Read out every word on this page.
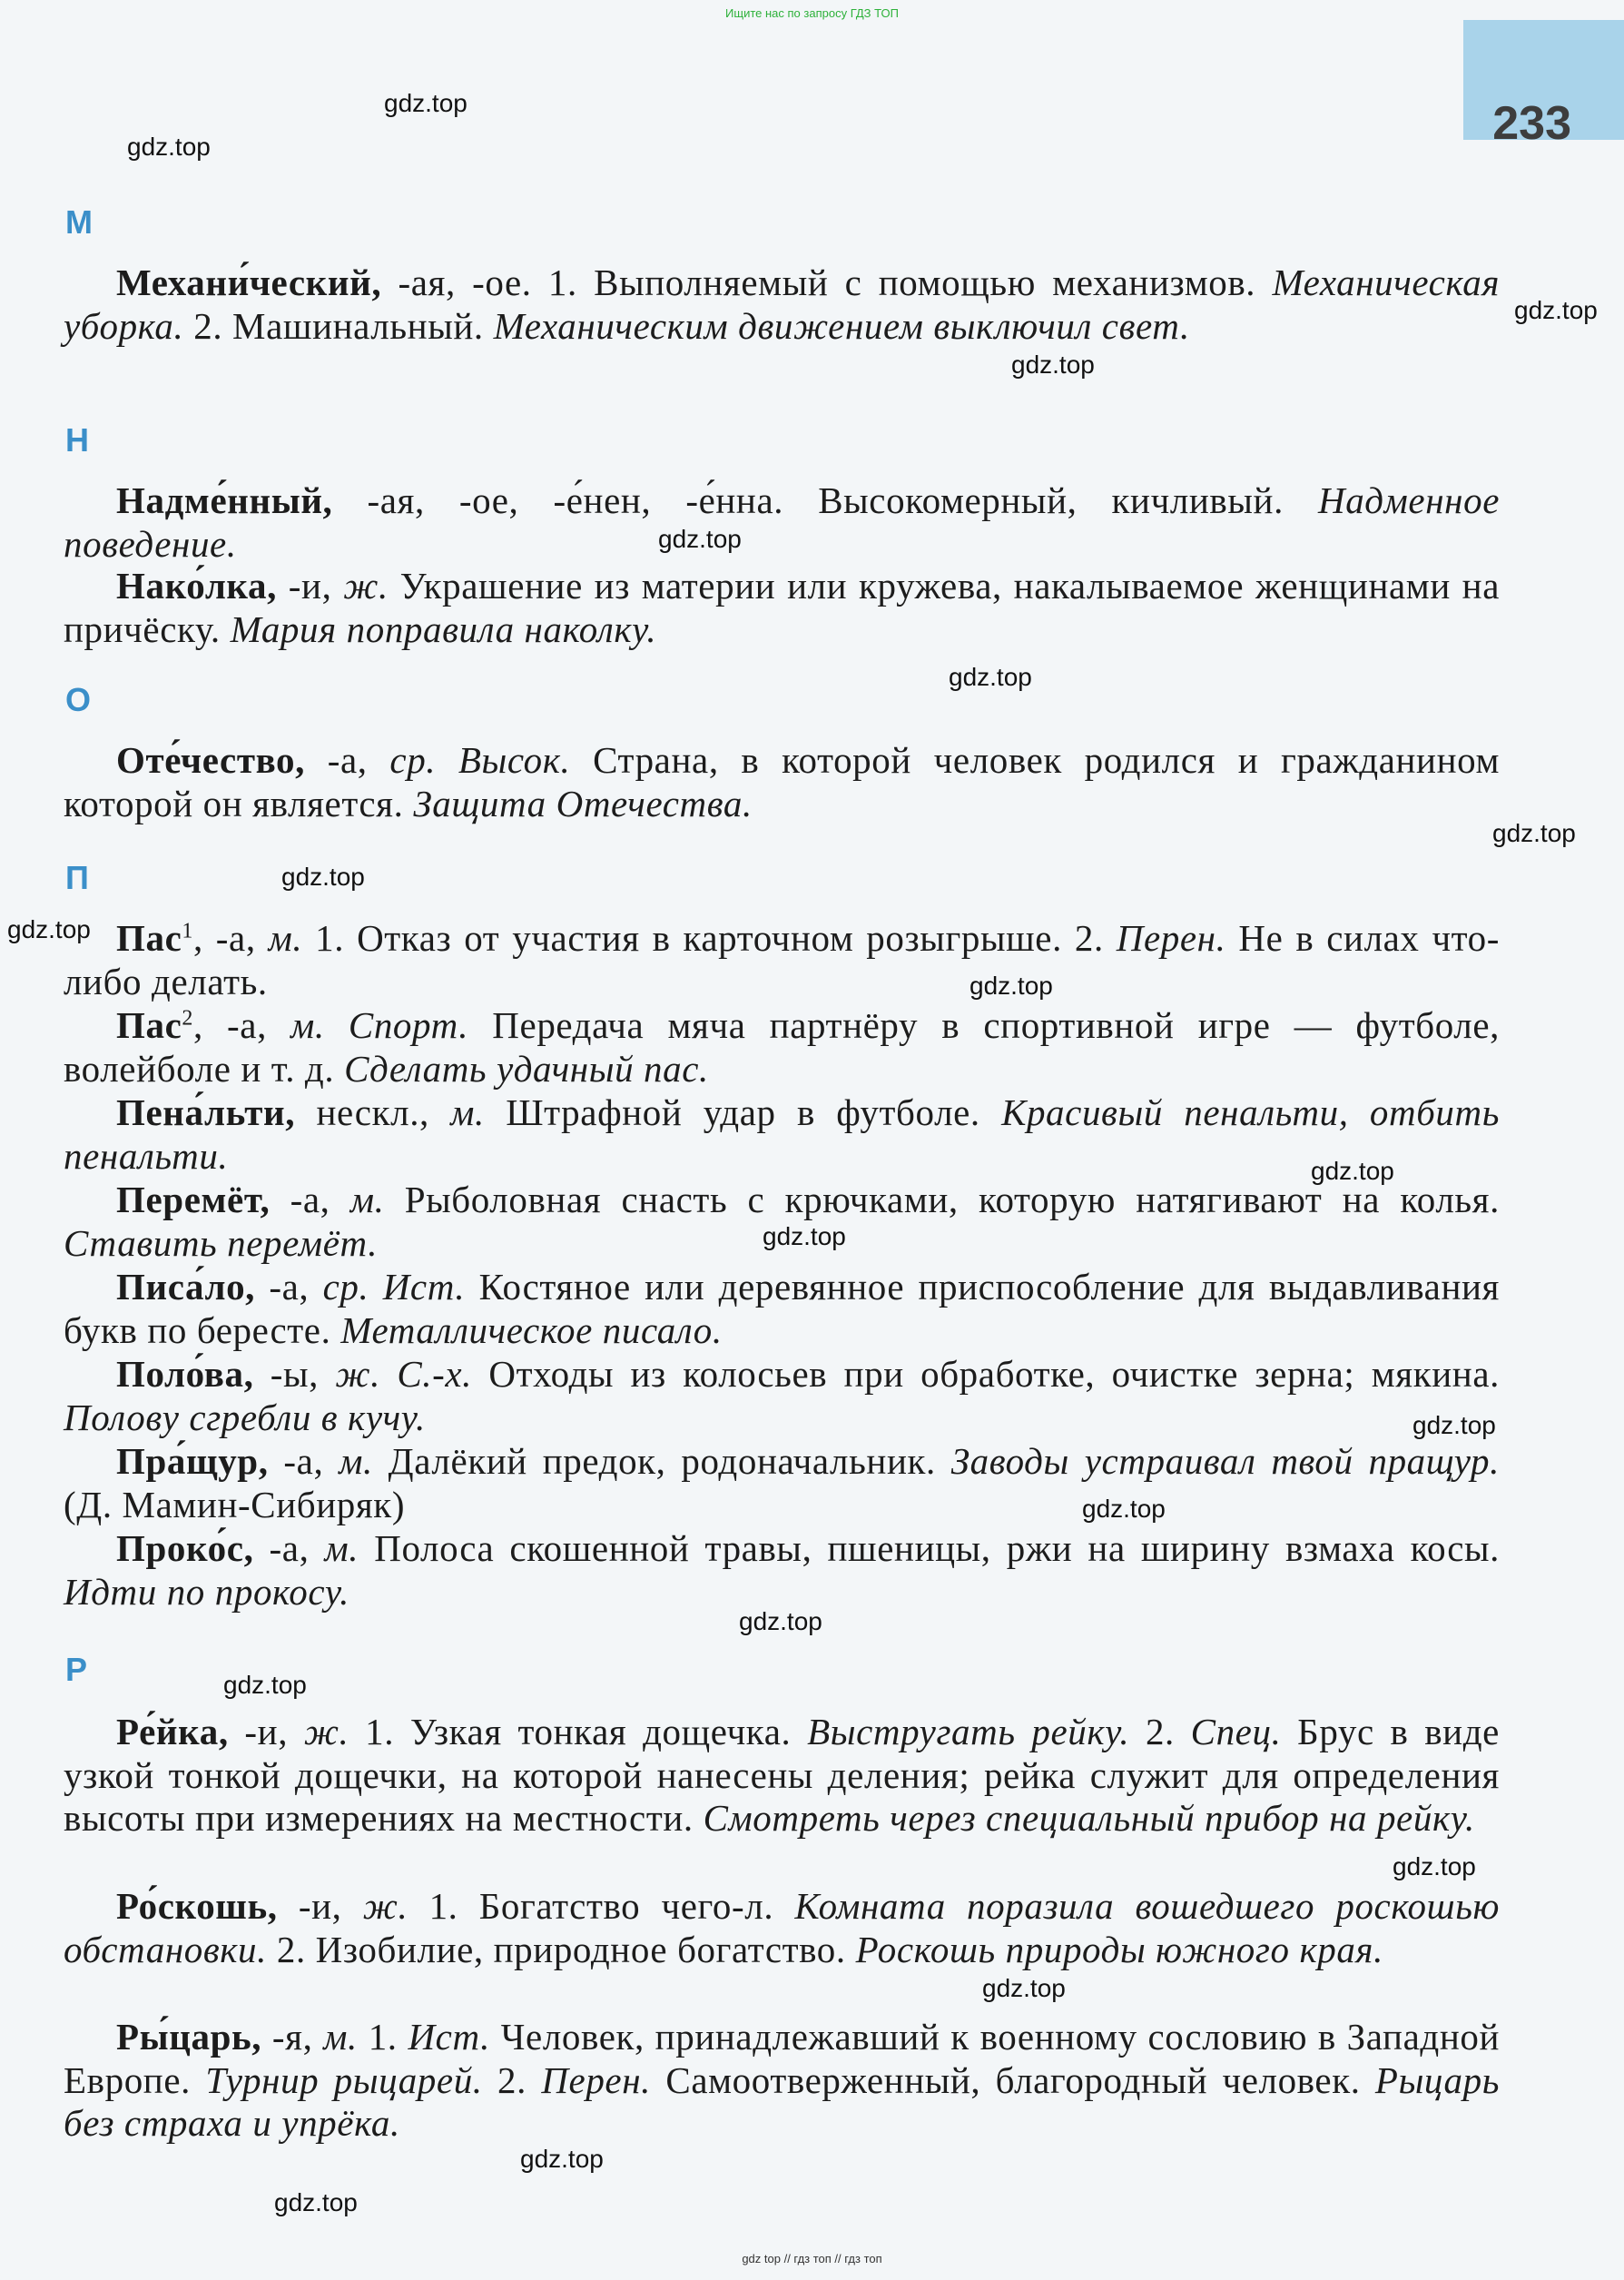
233
Ищите нас по запросу ГДЗ ТОП
gdz.top
gdz.top
gdz.top
gdz.top
gdz.top
gdz.top
gdz.top
gdz.top
gdz.top
gdz.top
gdz.top
gdz.top
gdz.top
gdz.top
gdz.top
gdz.top
gdz.top
gdz.top
gdz.top
gdz.top
М
Н
О
П
Р
Механи́ческий, -ая, -ое. 1. Выполняемый с помощью механизмов. Механическая уборка. 2. Машинальный. Механическим движением выключил свет.
Надме́нный, -ая, -ое, -е́нен, -е́нна. Высокомерный, кичливый. Надменное поведение.
Нако́лка, -и, ж. Украшение из материи или кружева, накалываемое женщинами на причёску. Мария поправила наколку.
Оте́чество, -а, ср. Высок. Страна, в которой человек родился и гражданином которой он является. Защита Отечества.
Пас$^1$, -а, м. 1. Отказ от участия в карточном розыгрыше. 2. Перен. Не в силах что-либо делать.
Пас$^2$, -а, м. Спорт. Передача мяча партнёру в спортивной игре — футболе, волейболе и т. д. Сделать удачный пас.
Пена́льти, нескл., м. Штрафной удар в футболе. Красивый пенальти, отбить пенальти.
Перемёт, -а, м. Рыболовная снасть с крючками, которую натягивают на колья. Ставить перемёт.
Писа́ло, -а, ср. Ист. Костяное или деревянное приспособление для выдавливания букв по бересте. Металлическое писало.
Поло́ва, -ы, ж. С.-х. Отходы из колосьев при обработке, очистке зерна; мякина. Полову сгребли в кучу.
Пра́щур, -а, м. Далёкий предок, родоначальник. Заводы устраивал твой пращур. (Д. Мамин-Сибиряк)
Проко́с, -а, м. Полоса скошенной травы, пшеницы, ржи на ширину взмаха косы. Идти по прокосу.
Ре́йка, -и, ж. 1. Узкая тонкая дощечка. Выстругать рейку. 2. Спец. Брус в виде узкой тонкой дощечки, на которой нанесены деления; рейка служит для определения высоты при измерениях на местности. Смотреть через специальный прибор на рейку.
Ро́скошь, -и, ж. 1. Богатство чего-л. Комната поразила вошедшего роскошью обстановки. 2. Изобилие, природное богатство. Роскошь природы южного края.
Ры́царь, -я, м. 1. Ист. Человек, принадлежавший к военному сословию в Западной Европе. Турнир рыцарей. 2. Перен. Самоотверженный, благородный человек. Рыцарь без страха и упрёка.
gdz top // гдз топ // гдз топ
